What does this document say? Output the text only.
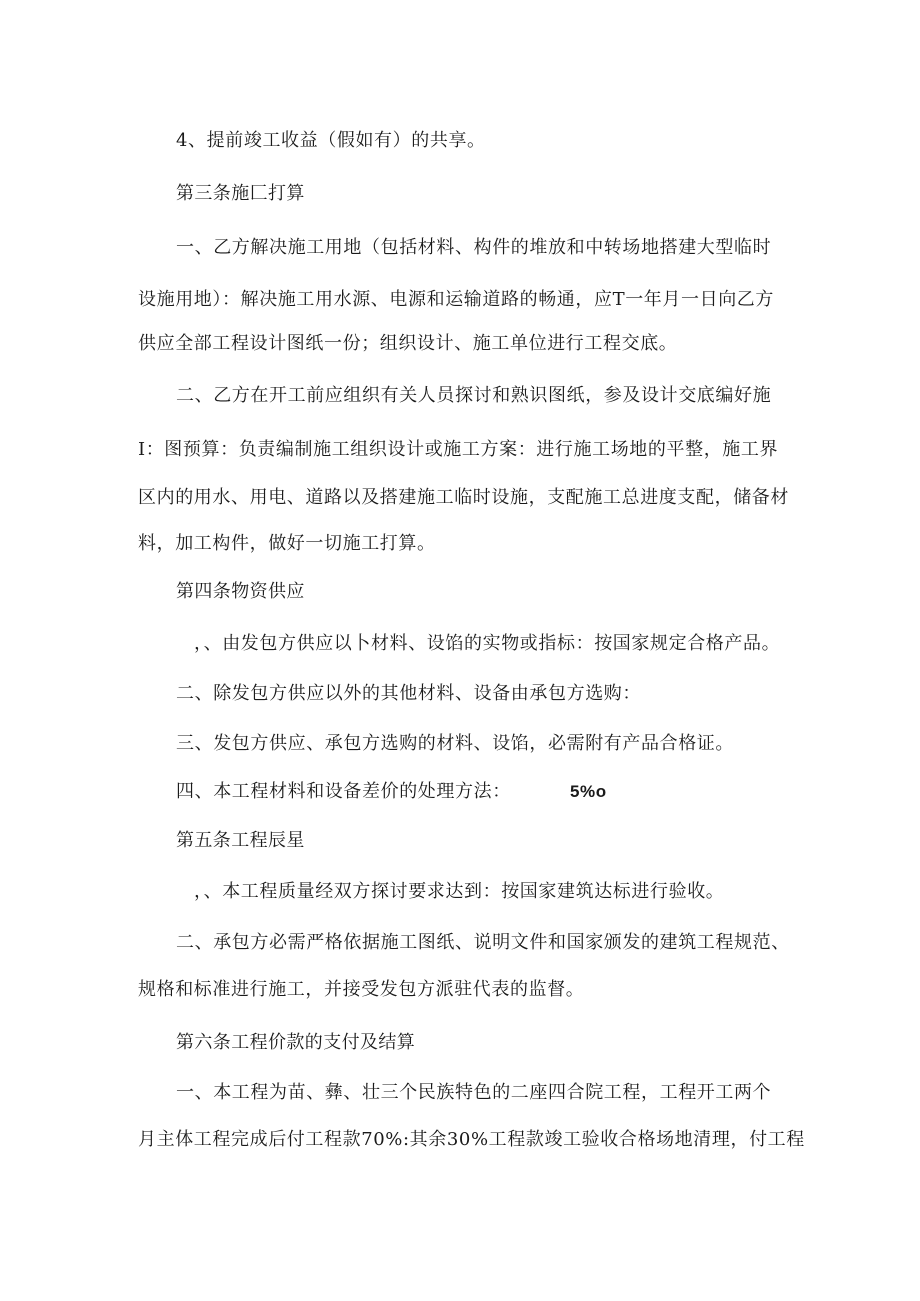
4、提前竣工收益（假如有）的共享。
第三条施匚打算
一、乙方解决施工用地（包括材料、构件的堆放和中转场地搭建大型临时
设施用地）：解决施工用水源、电源和运输道路的畅通，应T一年月一日向乙方
供应全部工程设计图纸一份；组织设计、施工单位进行工程交底。
二、乙方在开工前应组织有关人员探讨和熟识图纸，参及设计交底编好施
I：图预算：负责编制施工组织设计或施工方案：进行施工场地的平整，施工界
区内的用水、用电、道路以及搭建施工临时设施，支配施工总进度支配，储备材
料，加工构件，做好一切施工打算。
第四条物资供应
，、由发包方供应以卜材料、设馅的实物或指标：按国家规定合格产品。
二、除发包方供应以外的其他材料、设备由承包方选购：
三、发包方供应、承包方选购的材料、设馅，必需附有产品合格证。
四、本工程材料和设备差价的处理方法：	5%o
第五条工程辰星
，、本工程质量经双方探讨要求达到：按国家建筑达标进行验收。
二、承包方必需严格依据施工图纸、说明文件和国家颁发的建筑工程规范、
规格和标准进行施工，并接受发包方派驻代表的监督。
第六条工程价款的支付及结算
一、本工程为苗、彝、壮三个民族特色的二座四合院工程，工程开工两个
月主体工程完成后付工程款70%:其余30%工程款竣工验收合格场地清理，付工程
